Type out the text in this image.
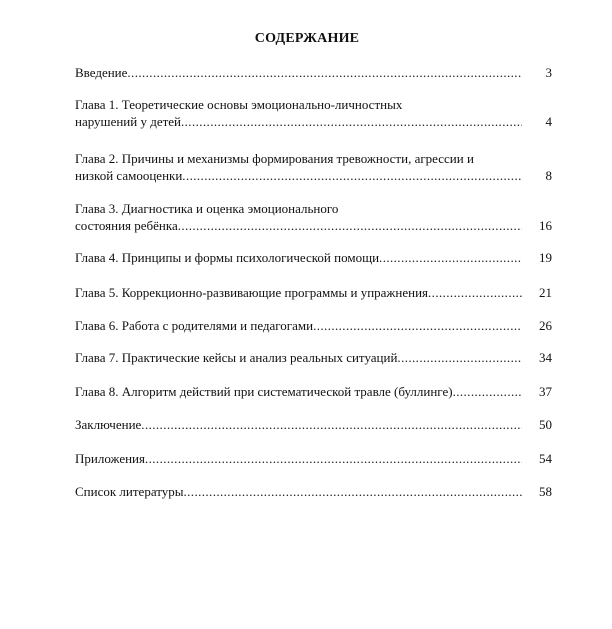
СОДЕРЖАНИЕ
Введение .....	3
Глава 1. Теоретические основы эмоционально-личностных
нарушений у детей .....	4
Глава 2. Причины и механизмы формирования тревожности, агрессии и
низкой самооценки .....	8
Глава 3. Диагностика и оценка эмоционального
состояния ребёнка .....	16
Глава 4. Принципы и формы психологической помощи .....	19
Глава 5. Коррекционно-развивающие программы и упражнения .....	21
Глава 6. Работа с родителями и педагогами .....	26
Глава 7. Практические кейсы и анализ реальных ситуаций .....	34
Глава 8. Алгоритм действий при систематической травле (буллинге) .....	37
Заключение .....	50
Приложения .....	54
Список литературы .....	58
